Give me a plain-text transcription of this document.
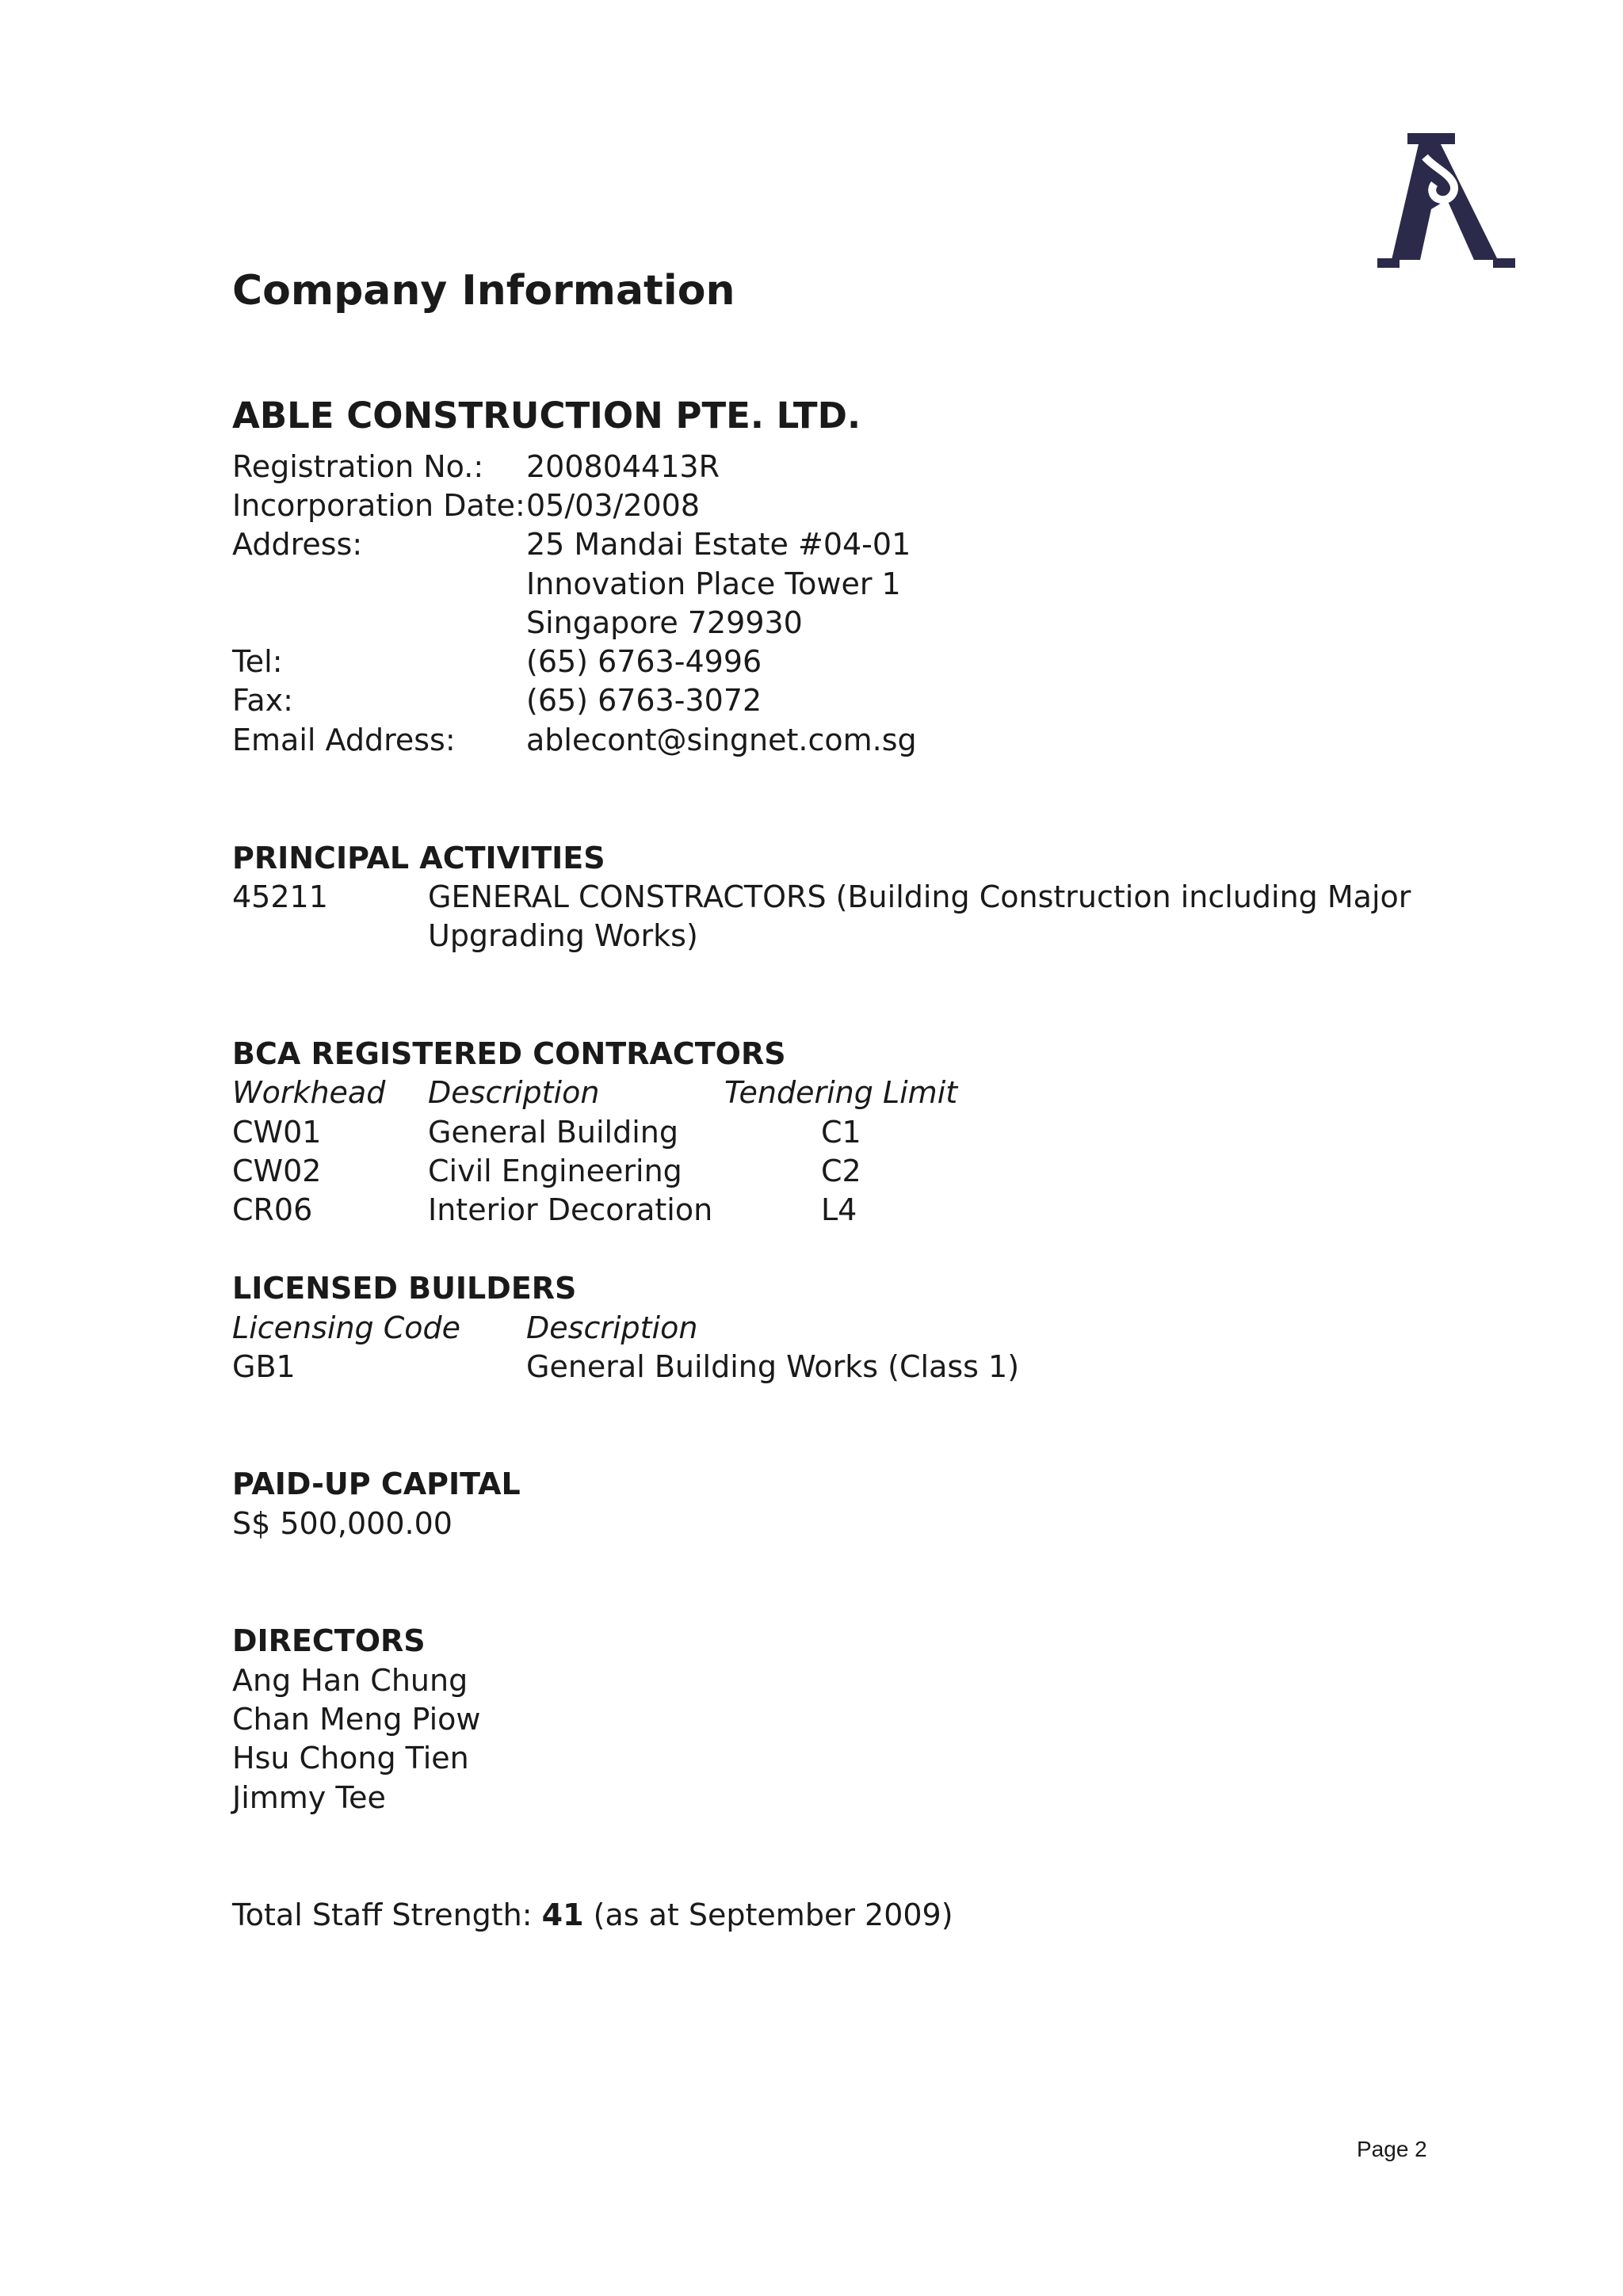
Company Information
ABLE CONSTRUCTION PTE. LTD.
Registration No.: 200804413R
Incorporation Date: 05/03/2008
Address:	25 Mandai Estate #04-01
Innovation Place Tower 1
Singapore 729930
Tel:	(65) 6763-4996
Fax:	(65) 6763-3072
Email Address: ablecont@singnet.com.sg
PRINCIPAL ACTIVITIES
45211	GENERAL CONSTRACTORS (Building Construction including Major
Upgrading Works)
BCA REGISTERED CONTRACTORS
Workhead Description	Tendering Limit
CW01	General Building	C1
CW02	Civil Engineering	C2
CR06	Interior Decoration	L4
LICENSED BUILDERS
Licensing Code Description
GB1	General Building Works (Class 1)
PAID-UP CAPITAL
S$ 500,000.00
DIRECTORS
Ang Han Chung
Chan Meng Piow
Hsu Chong Tien
Jimmy Tee
Total Staff Strength: 41 (as at September 2009)
Page 2
